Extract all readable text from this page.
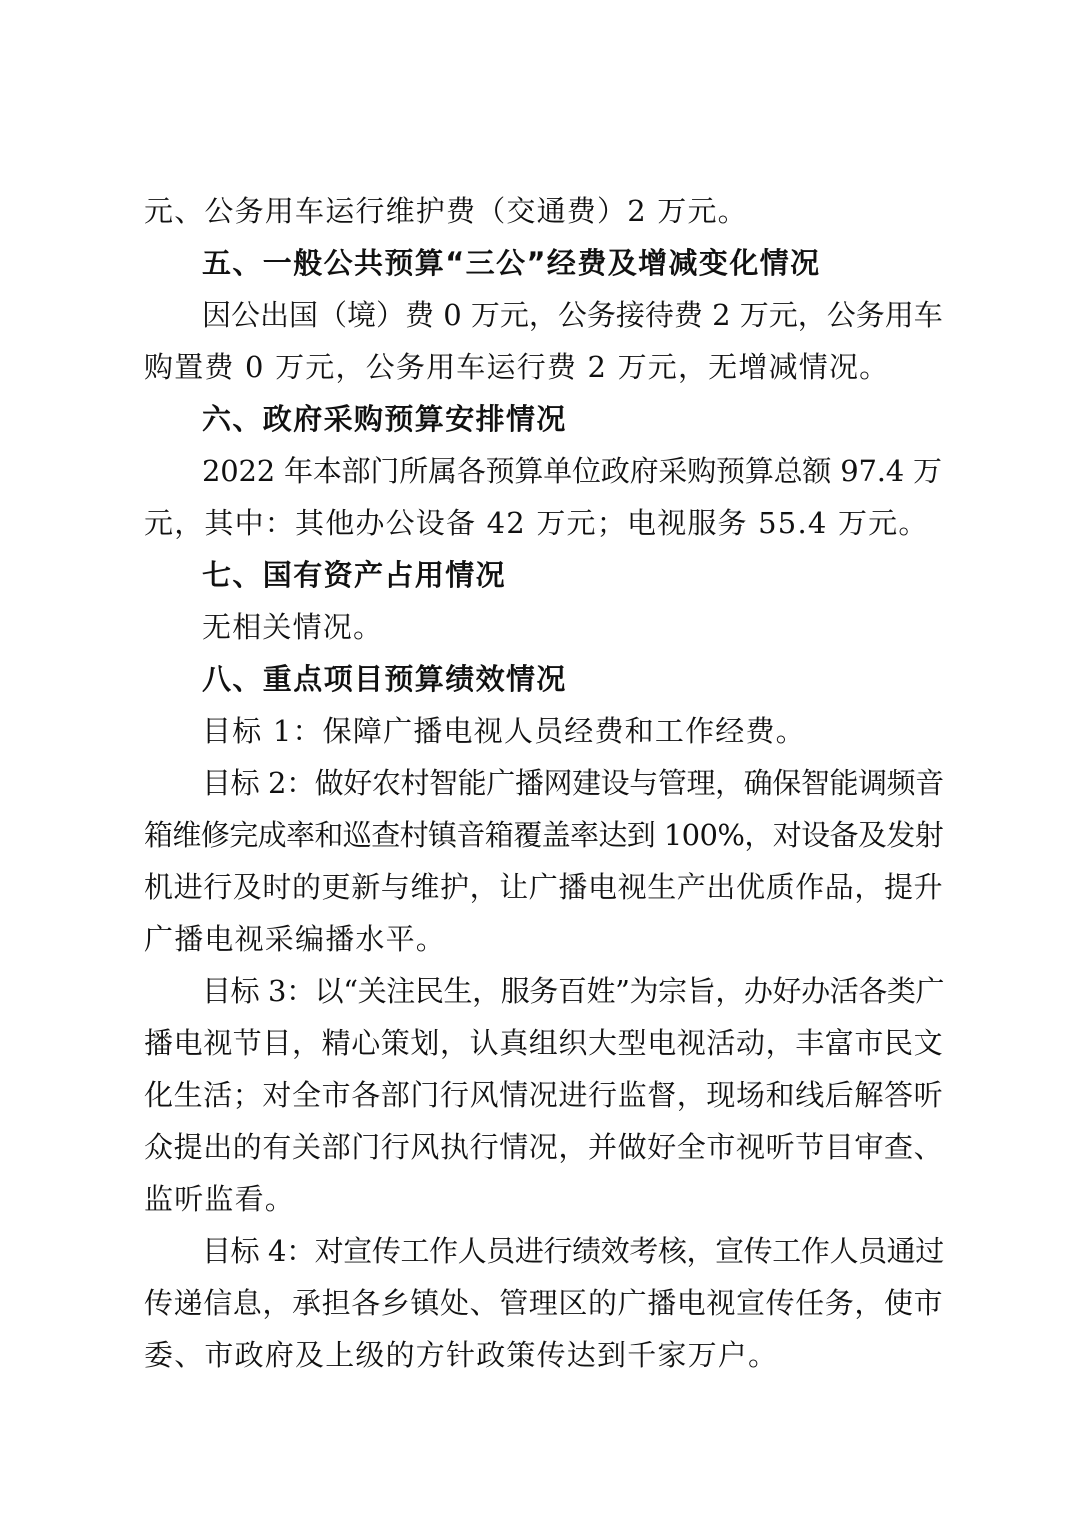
元、公务用车运行维护费（交通费）2 万元。
五、一般公共预算“三公”经费及增减变化情况
因公出国（境）费 0 万元，公务接待费 2 万元，公务用车
购置费 0 万元，公务用车运行费 2 万元，无增减情况。
六、政府采购预算安排情况
2022 年本部门所属各预算单位政府采购预算总额 97.4 万
元，其中：其他办公设备 42 万元；电视服务 55.4 万元。
七、国有资产占用情况
无相关情况。
八、重点项目预算绩效情况
目标 1：保障广播电视人员经费和工作经费。
目标 2：做好农村智能广播网建设与管理，确保智能调频音
箱维修完成率和巡查村镇音箱覆盖率达到 100%，对设备及发射
机进行及时的更新与维护，让广播电视生产出优质作品，提升
广播电视采编播水平。
目标 3：以“关注民生，服务百姓”为宗旨，办好办活各类广
播电视节目，精心策划，认真组织大型电视活动，丰富市民文
化生活；对全市各部门行风情况进行监督，现场和线后解答听
众提出的有关部门行风执行情况，并做好全市视听节目审查、
监听监看。
目标 4：对宣传工作人员进行绩效考核，宣传工作人员通过
传递信息，承担各乡镇处、管理区的广播电视宣传任务，使市
委、市政府及上级的方针政策传达到千家万户。
